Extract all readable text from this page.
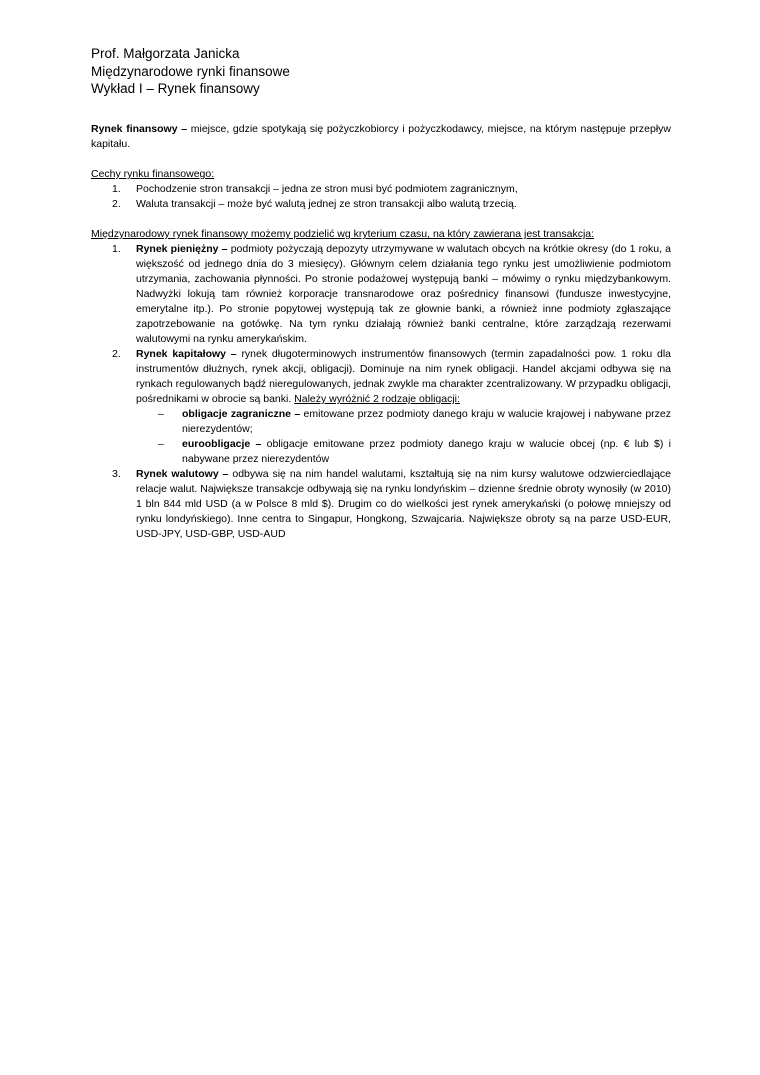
Prof. Małgorzata Janicka
Międzynarodowe rynki finansowe
Wykład I – Rynek finansowy

Rynek finansowy – miejsce, gdzie spotykają się pożyczkobiorcy i pożyczkodawcy, miejsce, na którym następuje przepływ kapitału.

Cechy rynku finansowego:
1. Pochodzenie stron transakcji – jedna ze stron musi być podmiotem zagranicznym,
2. Waluta transakcji – może być walutą jednej ze stron transakcji albo walutą trzecią.
Międzynarodowy rynek finansowy możemy podzielić wg kryterium czasu, na który zawierana jest transakcja:
1. Rynek pieniężny – podmioty pożyczają depozyty utrzymywane w walutach obcych na krótkie okresy (do 1 roku, a większość od jednego dnia do 3 miesięcy). Głównym celem działania tego rynku jest umożliwienie podmiotom utrzymania, zachowania płynności. Po stronie podażowej występują banki – mówimy o rynku międzybankowym. Nadwyżki lokują tam również korporacje transnarodowe oraz pośrednicy finansowi (fundusze inwestycyjne, emerytalne itp.). Po stronie popytowej występują tak ze głownie banki, a również inne podmioty zgłaszające zapotrzebowanie na gotówkę. Na tym rynku działają również banki centralne, które zarządzają rezerwami walutowymi na rynku amerykańskim.
2. Rynek kapitałowy – rynek długoterminowych instrumentów finansowych (termin zapadalności pow. 1 roku dla instrumentów dłużnych, rynek akcji, obligacji). Dominuje na nim rynek obligacji. Handel akcjami odbywa się na rynkach regulowanych bądź nieregulowanych, jednak zwykle ma charakter zcentralizowany. W przypadku obligacji, pośrednikami w obrocie są banki. Należy wyróżnić 2 rodzaje obligacji:
– obligacje zagraniczne – emitowane przez podmioty danego kraju w walucie krajowej i nabywane przez nierezydentów;
– euroobligacje – obligacje emitowane przez podmioty danego kraju w walucie obcej (np. € lub $) i nabywane przez nierezydentów
3. Rynek walutowy – odbywa się na nim handel walutami, kształtują się na nim kursy walutowe odzwierciedlające relacje walut. Największe transakcje odbywają się na rynku londyńskim – dzienne średnie obroty wynosiły (w 2010) 1 bln 844 mld USD (a w Polsce 8 mld $). Drugim co do wielkości jest rynek amerykański (o połowę mniejszy od rynku londyńskiego). Inne centra to Singapur, Hongkong, Szwajcaria. Największe obroty są na parze USD-EUR, USD-JPY, USD-GBP, USD-AUD
